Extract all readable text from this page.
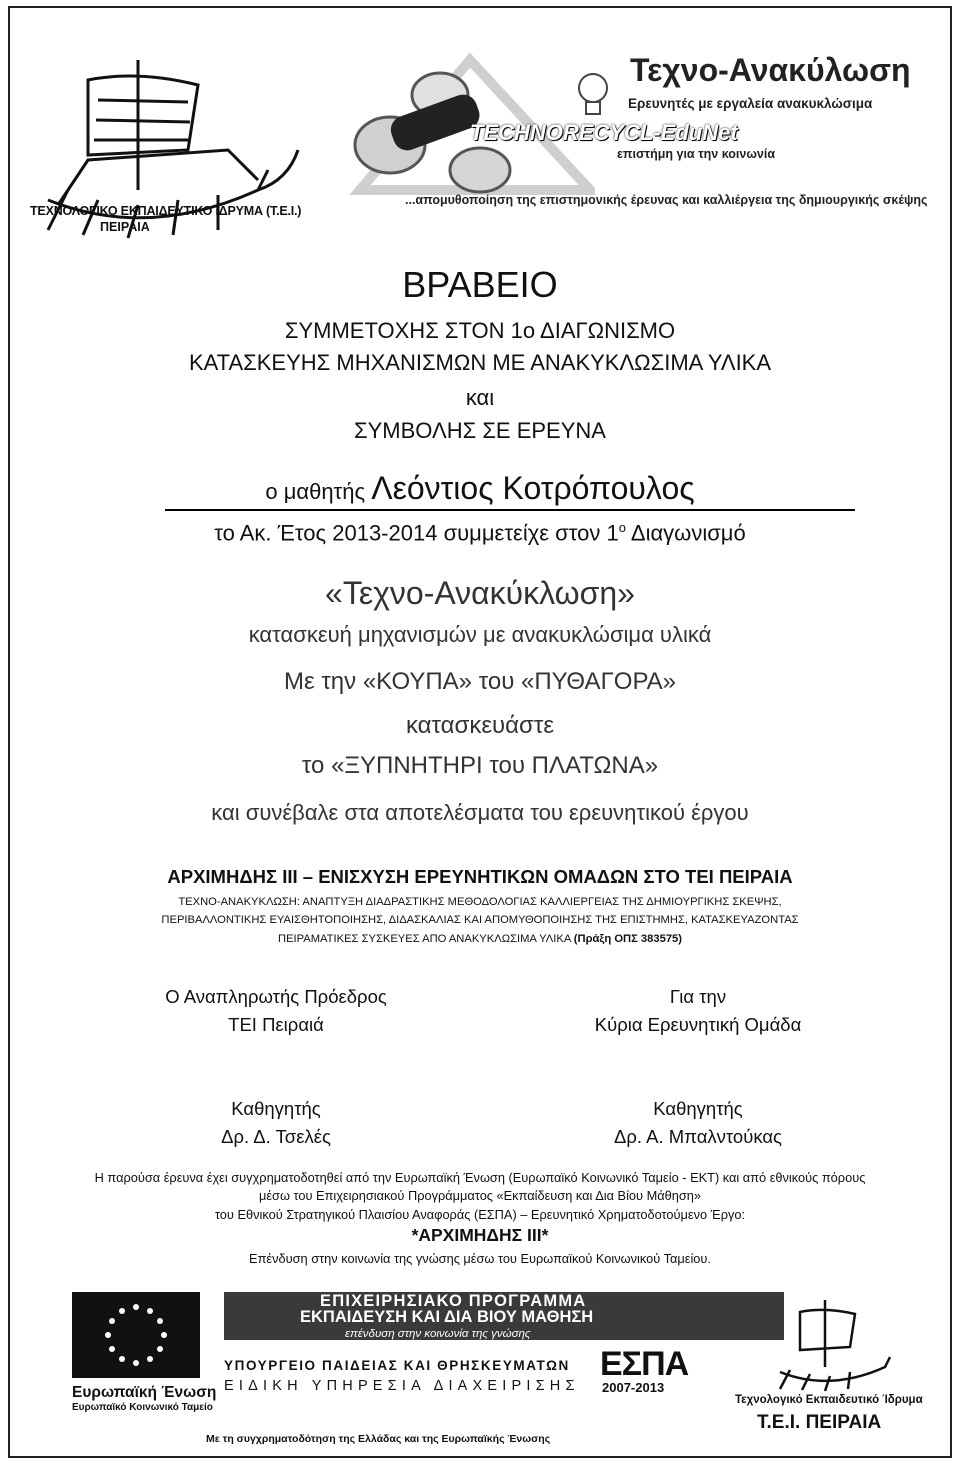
ΤΕΧΝΟΛΟΓΙΚΟ ΕΚΠΑΙΔΕΥΤΙΚΟ ΙΔΡΥΜΑ (Τ.Ε.Ι.)
ΠΕΙΡΑΙΑ
Τεχνο-Ανακύλωση
Ερευνητές με εργαλεία ανακυκλώσιμα
TECHNORECYCL-EduNet
επιστήμη για την κοινωνία
...απομυθοποίηση της επιστημονικής έρευνας και καλλιέργεια της δημιουργικής σκέψης
ΒΡΑΒΕΙΟ
ΣΥΜΜΕΤΟΧΗΣ ΣΤΟΝ 1ο ΔΙΑΓΩΝΙΣΜΟ
ΚΑΤΑΣΚΕΥΗΣ ΜΗΧΑΝΙΣΜΩΝ ΜΕ ΑΝΑΚΥΚΛΩΣΙΜΑ ΥΛΙΚΑ
και
ΣΥΜΒΟΛΗΣ ΣΕ ΕΡΕΥΝΑ
ο μαθητής Λεόντιος Κοτρόπουλος
το Ακ. Έτος 2013-2014 συμμετείχε στον $1^o$ Διαγωνισμό
«Τεχνο-Ανακύκλωση»
κατασκευή μηχανισμών με ανακυκλώσιμα υλικά
Με την «ΚΟΥΠΑ» του «ΠΥΘΑΓΟΡΑ»
κατασκευάστε
το «ΞΥΠΝΗΤΗΡΙ του ΠΛΑΤΩΝΑ»
και συνέβαλε στα αποτελέσματα του ερευνητικού έργου
ΑΡΧΙΜΗΔΗΣ ΙΙΙ – ΕΝΙΣΧΥΣΗ ΕΡΕΥΝΗΤΙΚΩΝ ΟΜΑΔΩΝ ΣΤΟ ΤΕΙ ΠΕΙΡΑΙΑ
ΤΕΧΝΟ-ΑΝΑΚΥΚΛΩΣΗ: ΑΝΑΠΤΥΞΗ ΔΙΑΔΡΑΣΤΙΚΗΣ ΜΕΘΟΔΟΛΟΓΙΑΣ ΚΑΛΛΙΕΡΓΕΙΑΣ ΤΗΣ ΔΗΜΙΟΥΡΓΙΚΗΣ ΣΚΕΨΗΣ,
ΠΕΡΙΒΑΛΛΟΝΤΙΚΗΣ ΕΥΑΙΣΘΗΤΟΠΟΙΗΣΗΣ, ΔΙΔΑΣΚΑΛΙΑΣ ΚΑΙ ΑΠΟΜΥΘΟΠΟΙΗΣΗΣ ΤΗΣ ΕΠΙΣΤΗΜΗΣ, ΚΑΤΑΣΚΕΥΑΖΟΝΤΑΣ
ΠΕΙΡΑΜΑΤΙΚΕΣ ΣΥΣΚΕΥΕΣ ΑΠΟ ΑΝΑΚΥΚΛΩΣΙΜΑ ΥΛΙΚΑ (Πράξη ΟΠΣ 383575)
Ο Αναπληρωτής Πρόεδρος
ΤΕΙ Πειραιά
Καθηγητής
Δρ. Δ. Τσελές
Για την
Κύρια Ερευνητική Ομάδα
Καθηγητής
Δρ. Α. Μπαλντούκας
Η παρούσα έρευνα έχει συγχρηματοδοτηθεί από την Ευρωπαϊκή Ένωση (Ευρωπαϊκό Κοινωνικό Ταμείο - ΕΚΤ) και από εθνικούς πόρους
μέσω του Επιχειρησιακού Προγράμματος «Εκπαίδευση και Δια Βίου Μάθηση»
του Εθνικού Στρατηγικού Πλαισίου Αναφοράς (ΕΣΠΑ) – Ερευνητικό Χρηματοδοτούμενο Έργο:
*ΑΡΧΙΜΗΔΗΣ ΙΙΙ*
Επένδυση στην κοινωνία της γνώσης μέσω του Ευρωπαϊκού Κοινωνικού Ταμείου.
Ευρωπαϊκή Ένωση
Ευρωπαϊκό Κοινωνικό Ταμείο
ΕΠΙΧΕΙΡΗΣΙΑΚΟ ΠΡΟΓΡΑΜΜΑ
ΕΚΠΑΙΔΕΥΣΗ ΚΑΙ ΔΙΑ ΒΙΟΥ ΜΑΘΗΣΗ
επένδυση στην κοινωνία της γνώσης
ΕΣΠΑ
2007-2013
ΥΠΟΥΡΓΕΙΟ ΠΑΙΔΕΙΑΣ ΚΑΙ ΘΡΗΣΚΕΥΜΑΤΩΝ
ΕΙΔΙΚΗ ΥΠΗΡΕΣΙΑ ΔΙΑΧΕΙΡΙΣΗΣ
Με τη συγχρηματοδότηση της Ελλάδας και της Ευρωπαϊκής Ένωσης
Τεχνολογικό Εκπαιδευτικό Ίδρυμα
Τ.Ε.Ι. ΠΕΙΡΑΙΑ
